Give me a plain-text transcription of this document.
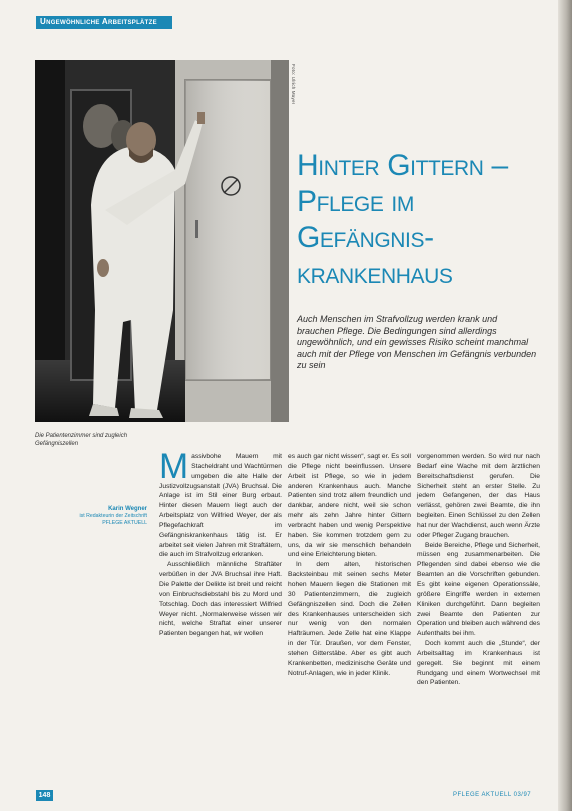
Ungewöhnliche Arbeitsplätze
Foto: Ulrich Mayer
Hinter Gittern –
Pflege im
Gefängnis-
krankenhaus
Auch Menschen im Strafvollzug werden krank und brauchen Pflege. Die Bedingungen sind allerdings ungewöhnlich, und ein gewisses Risiko scheint manchmal auch mit der Pflege von Menschen im Gefängnis verbunden zu sein
Die Patientenzimmer sind zugleich Gefängniszellen
Karin Wegner
ist Redakteurin der Zeitschrift
PFLEGE AKTUELL

Massivbohe Mauern mit Stacheldraht und Wachtürmen umgeben die alte Halle der Justizvollzugsanstalt (JVA) Bruchsal. Die Anlage ist im Stil einer Burg erbaut. Hinter diesen Mauern liegt auch der Arbeitsplatz von Wilfried Weyer, der als Pflegefachkraft im Gefängniskrankenhaus tätig ist. Er arbeitet seit vielen Jahren mit Straftätern, die auch im Strafvollzug erkranken.

Ausschließlich männliche Straftäter verbüßen in der JVA Bruchsal ihre Haft. Die Palette der Delikte ist breit und reicht von Einbruchsdiebstahl bis zu Mord und Totschlag. Doch das interessiert Wilfried Weyer nicht. „Normalerweise wissen wir nicht, welche Straftat einer unserer Patienten begangen hat, wir wollen

es auch gar nicht wissen“, sagt er. Es soll die Pflege nicht beeinflussen. Unsere Arbeit ist Pflege, so wie in jedem anderen Krankenhaus auch. Manche Patienten sind trotz allem freundlich und dankbar, andere nicht, weil sie schon mehr als zehn Jahre hinter Gittern verbracht haben und wenig Perspektive haben. Sie kommen trotzdem gern zu uns, da wir sie menschlich behandeln und eine Erleichterung bieten.

In dem alten, historischen Backsteinbau mit seinen sechs Meter hohen Mauern liegen die Stationen mit 30 Patientenzimmern, die zugleich Gefängniszellen sind. Doch die Zellen des Krankenhauses unterscheiden sich nur wenig von den normalen Hafträumen. Jede Zelle hat eine Klappe in der Tür. Draußen, vor dem Fenster, stehen Gitterstäbe. Aber es gibt auch Krankenbetten, medizinische Geräte und Notruf-Anlagen, wie in jeder Klinik.

vorgenommen werden. So wird nur nach Bedarf eine Wache mit dem ärztlichen Bereitschaftsdienst gerufen. Die Sicherheit steht an erster Stelle. Zu jedem Gefangenen, der das Haus verlässt, gehören zwei Beamte, die ihn begleiten. Einen Schlüssel zu den Zellen hat nur der Wachdienst, auch wenn Ärzte oder Pfleger Zugang brauchen.

Beide Bereiche, Pflege und Sicherheit, müssen eng zusammenarbeiten. Die Pflegenden sind dabei ebenso wie die Beamten an die Vorschriften gebunden. Es gibt keine eigenen Operationssäle, größere Eingriffe werden in externen Kliniken durchgeführt. Dann begleiten zwei Beamte den Patienten zur Operation und bleiben auch während des Aufenthalts bei ihm.

Doch kommt auch die „Stunde“, der Arbeitsalltag im Krankenhaus ist geregelt. Sie beginnt mit einem Rundgang und einem Wortwechsel mit den Patienten.

148	PFLEGE AKTUELL 03/97
